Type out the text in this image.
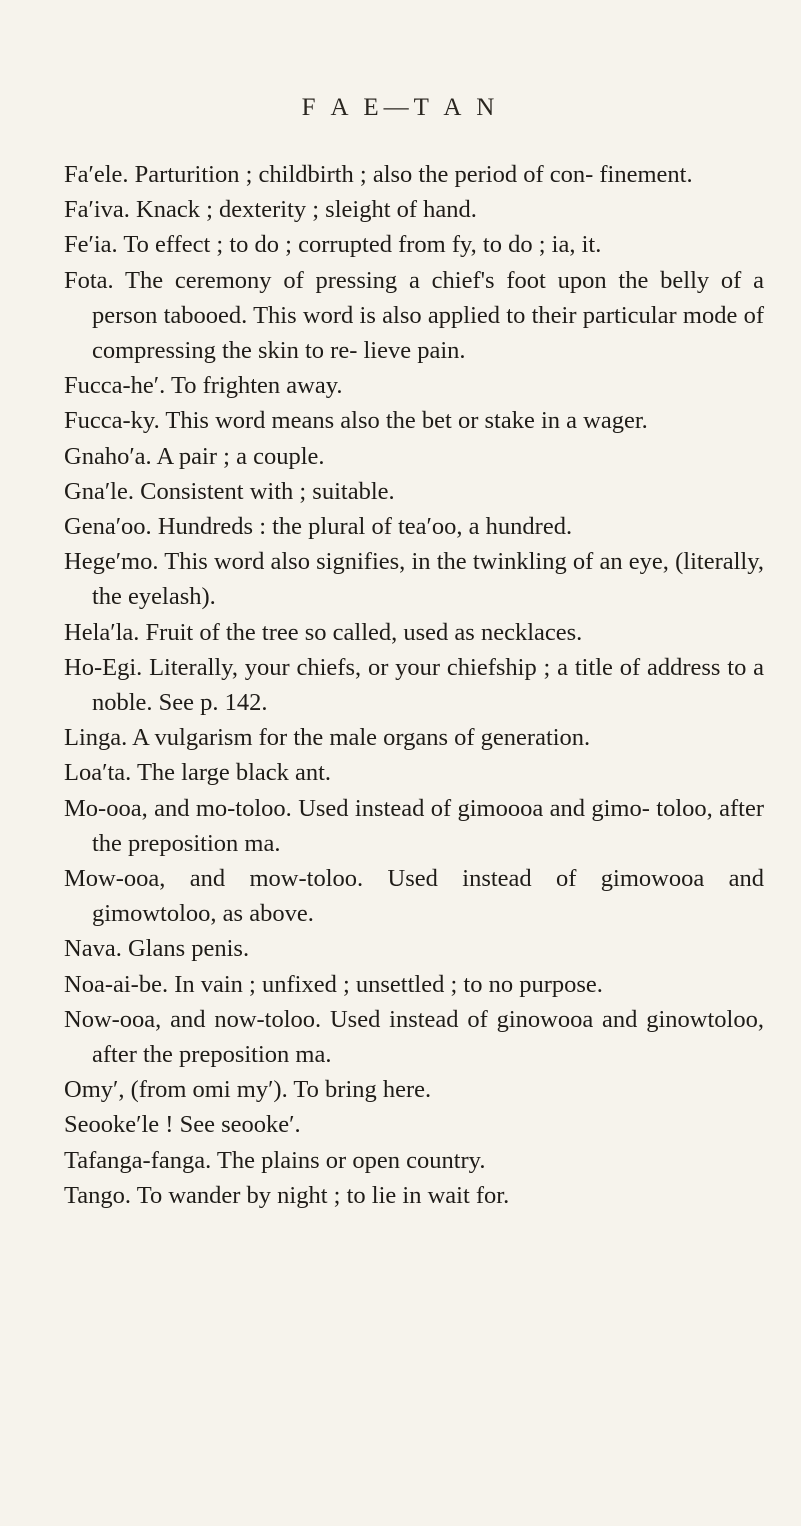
F A E—T A N

Fa′ele. Parturition ; childbirth ; also the period of con- finement.

Fa′iva. Knack ; dexterity ; sleight of hand.

Fe′ia. To effect ; to do ; corrupted from fy, to do ; ia, it.

Fota. The ceremony of pressing a chief's foot upon the belly of a person tabooed. This word is also applied to their particular mode of compressing the skin to re- lieve pain.

Fucca-he′. To frighten away.

Fucca-ky. This word means also the bet or stake in a wager.

Gnaho′a. A pair ; a couple.

Gna′le. Consistent with ; suitable.

Gena′oo. Hundreds : the plural of tea′oo, a hundred.

Hege′mo. This word also signifies, in the twinkling of an eye, (literally, the eyelash).

Hela′la. Fruit of the tree so called, used as necklaces.

Ho-Egi. Literally, your chiefs, or your chiefship ; a title of address to a noble. See p. 142.

Linga. A vulgarism for the male organs of generation.

Loa′ta. The large black ant.

Mo-ooa, and mo-toloo. Used instead of gimoooa and gimo- toloo, after the preposition ma.

Mow-ooa, and mow-toloo. Used instead of gimowooa and gimowtoloo, as above.

Nava. Glans penis.

Noa-ai-be. In vain ; unfixed ; unsettled ; to no purpose.

Now-ooa, and now-toloo. Used instead of ginowooa and ginowtoloo, after the preposition ma.

Omy′, (from omi my′). To bring here.

Seooke′le ! See seooke′.

Tafanga-fanga. The plains or open country.

Tango. To wander by night ; to lie in wait for.
